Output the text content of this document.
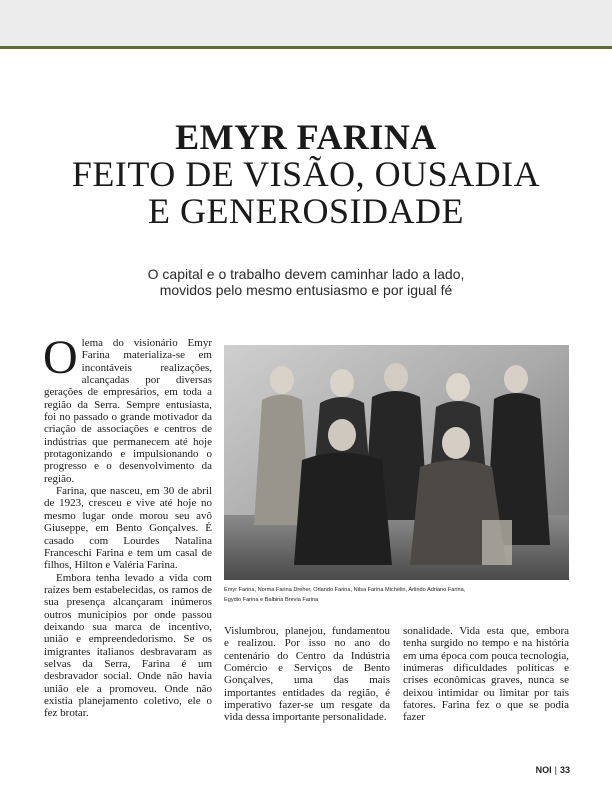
EMYR FARINA
FEITO DE VISÃO, OUSADIA
E GENEROSIDADE
O capital e o trabalho devem caminhar lado a lado,
movidos pelo mesmo entusiasmo e por igual fé

Olema do visionário Emyr Farina materializa-se em incontáveis realizações, alcançadas por diversas gerações de empresários, em toda a região da Serra. Sempre entusiasta, foi no passado o grande motivador da criação de associações e centros de indústrias que permanecem até hoje protagonizando e impulsionando o progresso e o desenvolvimento da região.

Farina, que nasceu, em 30 de abril de 1923, cresceu e vive até hoje no mesmo lugar onde morou seu avô Giuseppe, em Bento Gonçalves. É casado com Lourdes Natalina Franceschi Farina e tem um casal de filhos, Hilton e Valéria Farina.

Embora tenha levado a vida com raízes bem estabelecidas, os ramos de sua presença alcançaram inúmeros outros municípios por onde passou deixando sua marca de incentivo, união e empreendedorismo. Se os imigrantes italianos desbravaram as selvas da Serra, Farina é um desbravador social. Onde não havia união ele a promoveu. Onde não existia planejamento coletivo, ele o fez brotar.

Emyr Farina, Norma Farina Dreher, Orlando Farina, Nilsa Farina Michelin, Arlindo Adriano Farina,
Egydio Farina e Balbina Brevia Farina

Vislumbrou, planejou, fundamentou e realizou. Por isso no ano do centenário do Centro da Indústria Comércio e Serviços de Bento Gonçalves, uma das mais importantes entidades da região, é imperativo fazer-se um resgate da vida dessa importante personalidade.

sonalidade. Vida esta que, embora tenha surgido no tempo e na história em uma época com pouca tecnologia, inúmeras dificuldades políticas e crises econômicas graves, nunca se deixou intimidar ou limitar por tais fatores. Farina fez o que se podia fazer

NOI | 33
